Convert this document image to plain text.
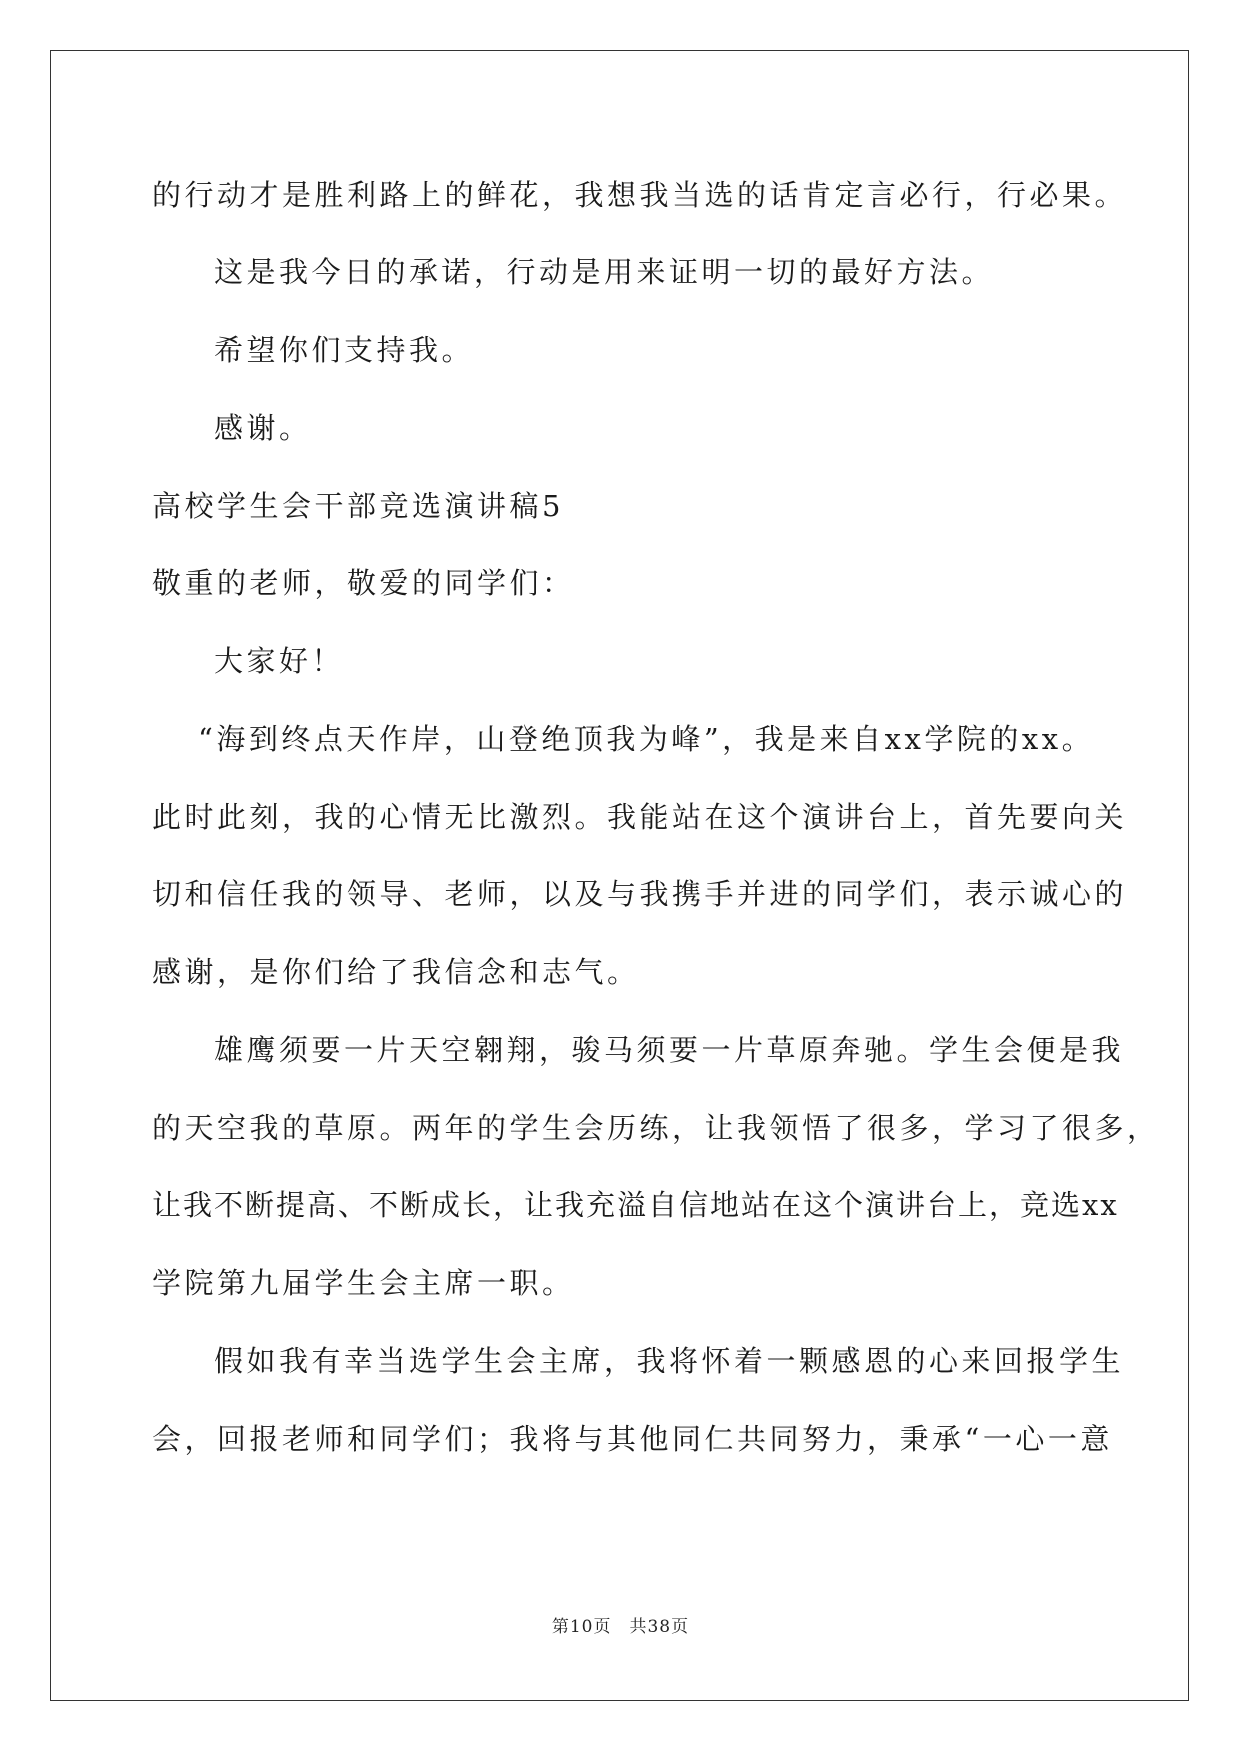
的行动才是胜利路上的鲜花，我想我当选的话肯定言必行，行必果。
这是我今日的承诺，行动是用来证明一切的最好方法。
希望你们支持我。
感谢。
高校学生会干部竞选演讲稿5
敬重的老师，敬爱的同学们：
大家好！
“海到终点天作岸，山登绝顶我为峰”，我是来自xx学院的xx。
此时此刻，我的心情无比激烈。我能站在这个演讲台上，首先要向关
切和信任我的领导、老师，以及与我携手并进的同学们，表示诚心的
感谢，是你们给了我信念和志气。
雄鹰须要一片天空翱翔，骏马须要一片草原奔驰。学生会便是我
的天空我的草原。两年的学生会历练，让我领悟了很多，学习了很多，
让我不断提高、不断成长，让我充溢自信地站在这个演讲台上，竞选xx
学院第九届学生会主席一职。
假如我有幸当选学生会主席，我将怀着一颗感恩的心来回报学生
会，回报老师和同学们；我将与其他同仁共同努力，秉承“一心一意
第10页　共38页
